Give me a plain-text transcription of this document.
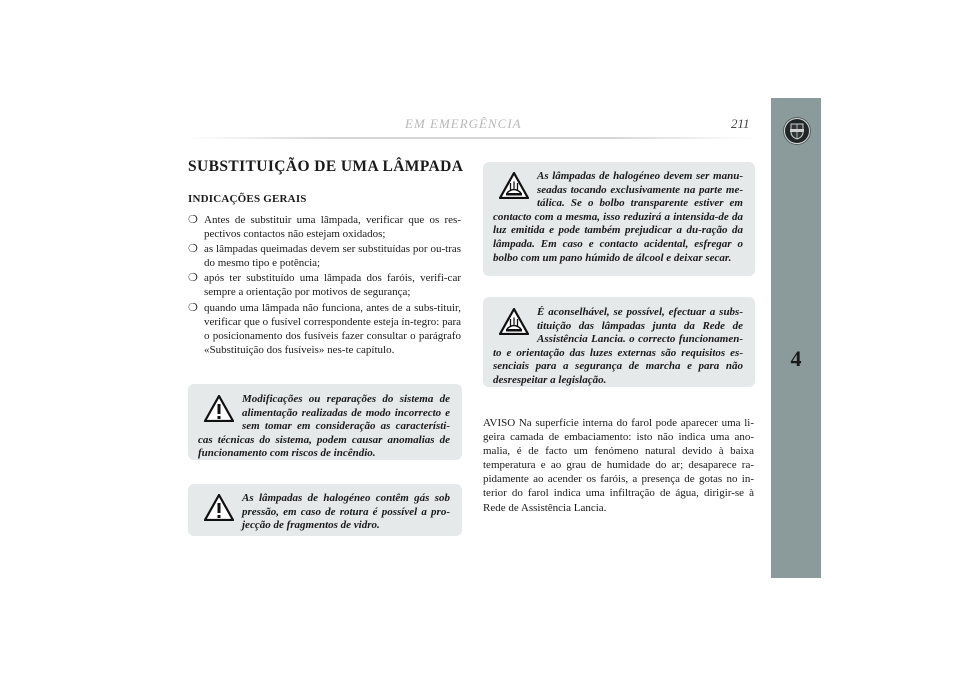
EM EMERGÊNCIA	211
4
SUBSTITUIÇÃO DE UMA LÂMPADA
INDICAÇÕES GERAIS
❍ Antes de substituir uma lâmpada, verificar que os res-pectivos contactos não estejam oxidados;
❍ as lâmpadas queimadas devem ser substituídas por ou-tras do mesmo tipo e potência;
❍ após ter substituído uma lâmpada dos faróis, verifi-car sempre a orientação por motivos de segurança;
❍ quando uma lâmpada não funciona, antes de a subs-tituir, verificar que o fusível correspondente esteja ín-tegro: para o posicionamento dos fusíveis fazer consultar o parágrafo «Substituição dos fusíveis» nes-te capítulo.
Modificações ou reparações do sistema de alimentação realizadas de modo incorrecto e sem tomar em consideração as característi-cas técnicas do sistema, podem causar anomalias de funcionamento com riscos de incêndio.
As lâmpadas de halogéneo contêm gás sob pressão, em caso de rotura é possível a pro-jecção de fragmentos de vidro.
As lâmpadas de halogéneo devem ser manu-seadas tocando exclusivamente na parte me-tálica. Se o bolbo transparente estiver em contacto com a mesma, isso reduzirá a intensida-de da luz emitida e pode também prejudicar a du-ração da lâmpada. Em caso e contacto acidental, esfregar o bolbo com um pano húmido de álcool e deixar secar.
É aconselhável, se possível, efectuar a subs-tituição das lâmpadas junta da Rede de Assistência Lancia. o correcto funcionamen-to e orientação das luzes externas são requisitos es-senciais para a segurança de marcha e para não desrespeitar a legislação.
AVISO Na superfície interna do farol pode aparecer uma li-geira camada de embaciamento: isto não indica uma ano-malia, é de facto um fenómeno natural devido à baixa temperatura e ao grau de humidade do ar; desaparece ra-pidamente ao acender os faróis, a presença de gotas no in-terior do farol indica uma infiltração de água, dirigir-se à Rede de Assistência Lancia.
